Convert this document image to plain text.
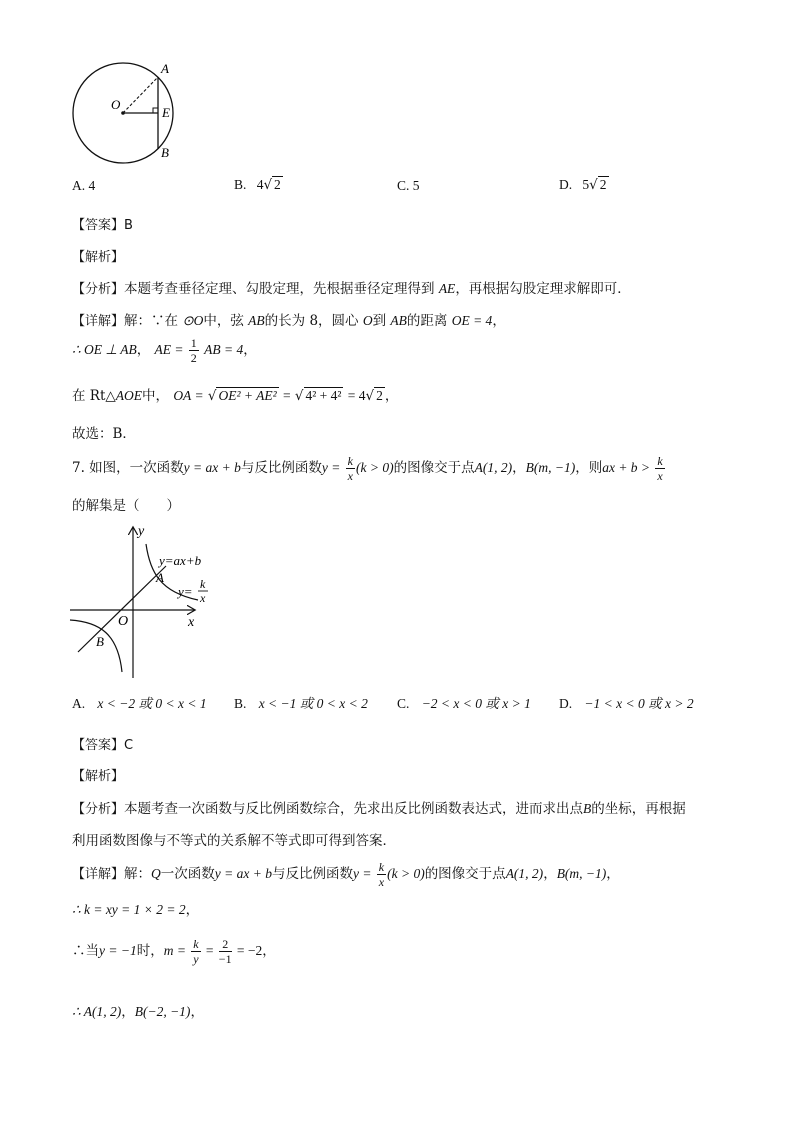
A
O
E
B
A. 4	B. 4√ 2	C. 5	D. 5√ 2
【答案】B
【解析】
【分析】本题考查垂径定理、勾股定理，先根据垂径定理得到 AE，再根据勾股定理求解即可．
【详解】解：∵在 ⊙O中，弦 AB的长为 8，圆心 O到 AB的距离 OE = 4，
∴ OE ⊥ AB， AE = $\frac{1}{2}$ AB = 4，
在 Rt△AOE中， OA = √ OE² + AE² = √ 4² + 4² = 4√ 2 ，
故选：B．
7. 如图，一次函数y = ax + b与反比例函数$y = \frac{k}{x} (k > 0)$的图像交于点A(1, 2)，B(m, −1)，则ax + $b > \frac{k}{x}$
的解集是（　　）
y
x
O
y=ax+b
A
B
y= k
x
A. x < −2 或 0 < x < 1 B. x < −1 或 0 < x < 2 C. −2 < x < 0 或 x > 1 D. −1 < x < 0 或 x > 2
【答案】C
【解析】
【分析】本题考查一次函数与反比例函数综合，先求出反比例函数表达式，进而求出点B的坐标，再根据
利用函数图像与不等式的关系解不等式即可得到答案．
【详解】解：Q一次函数y = ax + b与反比例函数$y = \frac{k}{x} (k > 0)$的图像交于点A(1, 2)，B(m, −1)，
∴ k = xy = 1 × 2 = 2，
∴当y = −1时，$m = \frac{k}{y} = \frac{2}{-1} = -2$，
∴ A(1, 2)，B(−2, −1)，
